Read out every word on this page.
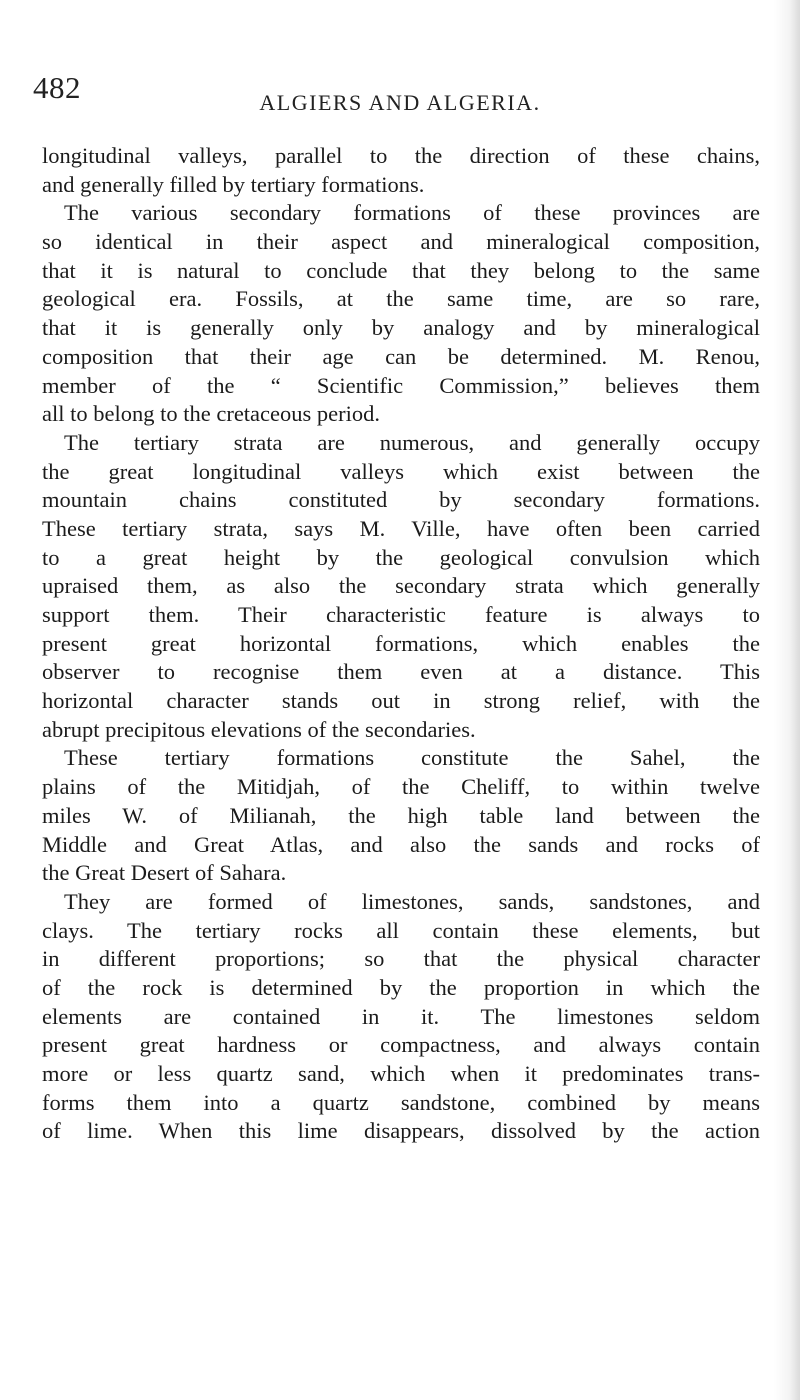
482	ALGIERS AND ALGERIA.
longitudinal valleys, parallel to the direction of these chains,
and generally filled by tertiary formations.
The various secondary formations of these provinces are
so identical in their aspect and mineralogical composition,
that it is natural to conclude that they belong to the same
geological era. Fossils, at the same time, are so rare,
that it is generally only by analogy and by mineralogical
composition that their age can be determined. M. Renou,
member of the “ Scientific Commission,” believes them
all to belong to the cretaceous period.
The tertiary strata are numerous, and generally occupy
the great longitudinal valleys which exist between the
mountain chains constituted by secondary formations.
These tertiary strata, says M. Ville, have often been carried
to a great height by the geological convulsion which
upraised them, as also the secondary strata which generally
support them. Their characteristic feature is always to
present great horizontal formations, which enables the
observer to recognise them even at a distance. This
horizontal character stands out in strong relief, with the
abrupt precipitous elevations of the secondaries.
These tertiary formations constitute the Sahel, the
plains of the Mitidjah, of the Cheliff, to within twelve
miles W. of Milianah, the high table land between the
Middle and Great Atlas, and also the sands and rocks of
the Great Desert of Sahara.
They are formed of limestones, sands, sandstones, and
clays. The tertiary rocks all contain these elements, but
in different proportions; so that the physical character
of the rock is determined by the proportion in which the
elements are contained in it. The limestones seldom
present great hardness or compactness, and always contain
more or less quartz sand, which when it predominates trans-
forms them into a quartz sandstone, combined by means
of lime. When this lime disappears, dissolved by the action
